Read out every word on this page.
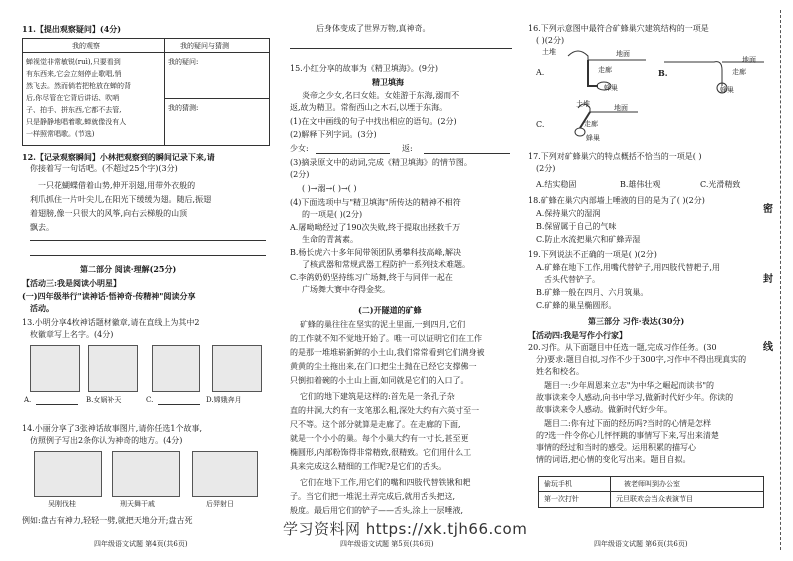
11.【提出观察疑问】(4分)
我的观察	我的疑问与猜测
蝉视觉非常敏锐(ruì),只要看到
有东西来,它会立刻停止歌唱,悄
然飞去。然而倘若把枪放在蝉的背
后,你尽管在它背后讲话、吹哨
子、拍手、拼东西,它都不去管,
只是静静地唱着歌,蝉就像没有人
一样照常唱歌。(节选)
我的疑问:
我的猜测:
12.【记录观察瞬间】小林把观察到的瞬间记录下来,请
你接着写一句话吧。(不超过25个字)(3分)
一只花蝴蝶借着山势,伸开羽翅,用带外衣般的
利爪抓住一片叶尖儿,在阳光下缓缓为翅。随后,振翅
着翅膀,像一只很大的风筝,向右云梯般的山顶
飘去。
第二部分 阅读·理解(25分)
【活动三:我是阅读小明星】
(一)四年级举行"读神话·悟神奇·传精神"阅读分享
活动。
13.小明分享4枚神话题材徽章,请在直线上为其中2
枚徽章写上名字。(4分)
A.	B.女娲补天	C.	D.嫦娥奔月
14.小丽分享了3张神话故事图片,请你任选1个故事,
仿照例子写出2条你认为神奇的地方。(4分)
吴刚伐桂	刑天舞干戚	后羿射日
例如:盘古有神力,轻轻一劈,就把天地分开;盘古死
四年级语文试题 第4页(共6页)
后身体变成了世界万物,真神奇。
15.小红分享的故事为《精卫填海》。(9分)
精卫填海
炎帝之少女,名曰女娃。女娃游于东海,溺而不
返,故为精卫。常衔西山之木石,以堙于东海。
(1)在文中画线的句子中找出相应的语句。(2分)
(2)解释下列字词。(3分)
少女:	返:
(3)摘录原文中的动词,完成《精卫填海》的情节图。
(2分)
( )→溺→( )→( )
(4)下面选项中与"精卫填海"所传达的精神不相符
的一项是( )(2分)
A.屠呦呦经过了190次失败,终于提取出拯救千万
生命的青蒿素。
B.杨长虎六十多年间带领团队勇攀科技高峰,解决
了核武器和常规武器工程防护一系列技术难题。
C.李鸽奶奶坚持练习广场舞,终于与同伴一起在
广场舞大赛中夺得金奖。
(二)开隧道的矿蜂
矿蜂的巢往往在坚实的泥土里面,一到四月,它们
的工作就不知不觉地开始了。唯一可以证明它们在工作
的是那一堆堆崭新鲜的小土山,我们常常看到它们满身被
黄黄的尘土拖出来,在门口把尘土抛在已经它支撑佛一
只倒扣着碗的小土山上面,如同就是它们的入口了。
它们的地下建筑是这样的:首先是一条孔子杂
直的井洞,大约有一支笔那么粗,深处大约有六英寸至一
尺不等。这个部分就算是走廊了。在走廊的下面,
就是一个小小的巢。每个小巢大约有一寸长,甚至更
椭圆形,内部粉饰得非常精致,很精致。它们用什么工
具来完成这么精细的工作呢?是它们的舌头。
它们在地下工作,用它们的嘴和四肢代替铁锹和耙
子。当它们把一堆泥土弄完成后,就用舌头把这,
般度。最后用它们的铲子——舌头,涂上一层唾液,
四年级语文试题 第5页(共6页)
16.下列示意图中最符合矿蜂巢穴建筑结构的一项是
( )(2分)
土堆	地面
走廊
蜂巢
A.	B.
地面
走廊
蜂巢
土堆	地面
走廊
蜂巢
C.
17.下列对矿蜂巢穴的特点概括不恰当的一项是( )
(2分)
A.结实稳固	B.雄伟壮观	C.光滑精致
18.矿蜂在巢穴内部墙上唾液的目的是为了( )(2分)
A.保持巢穴的湿润
B.保留属于自己的气味
C.防止水流把巢穴和矿蜂弄湿
19.下列说法不正确的一项是( )(2分)
A.矿蜂在地下工作,用嘴代替铲子,用四肢代替耙子,用
舌头代替铲子。
B.矿蜂一般在四月、六月筑巢。
C.矿蜂的巢呈椭圆形。
第三部分 习作·表达(30分)
【活动四:我是写作小行家】
20.习作。从下面题目中任选一题,完成习作任务。(30
分)要求:题目自拟,习作不少于300字,习作中不得出现真实的
姓名和校名。
题目一:少年周恩来立志"为中华之崛起而读书"的
故事读来令人感动,向书中学习,做新时代好少年。你读的
故事读来令人感动。做新时代好少年。
题目二:你有过下面的经历吗?当时的心情是怎样
的?选一件令你心儿怦怦跳的事情写下来,写出来清楚
事情的经过和当时的感受。运用积累的描写心
情的词语,把心情的变化写出来。题目自拟。
偷玩手机	被老师叫到办公室
第一次打针	元旦联欢会当众表演节目
四年级语文试题 第6页(共6页)
密
封
线
学习资料网 https://xk.tjh66.com
